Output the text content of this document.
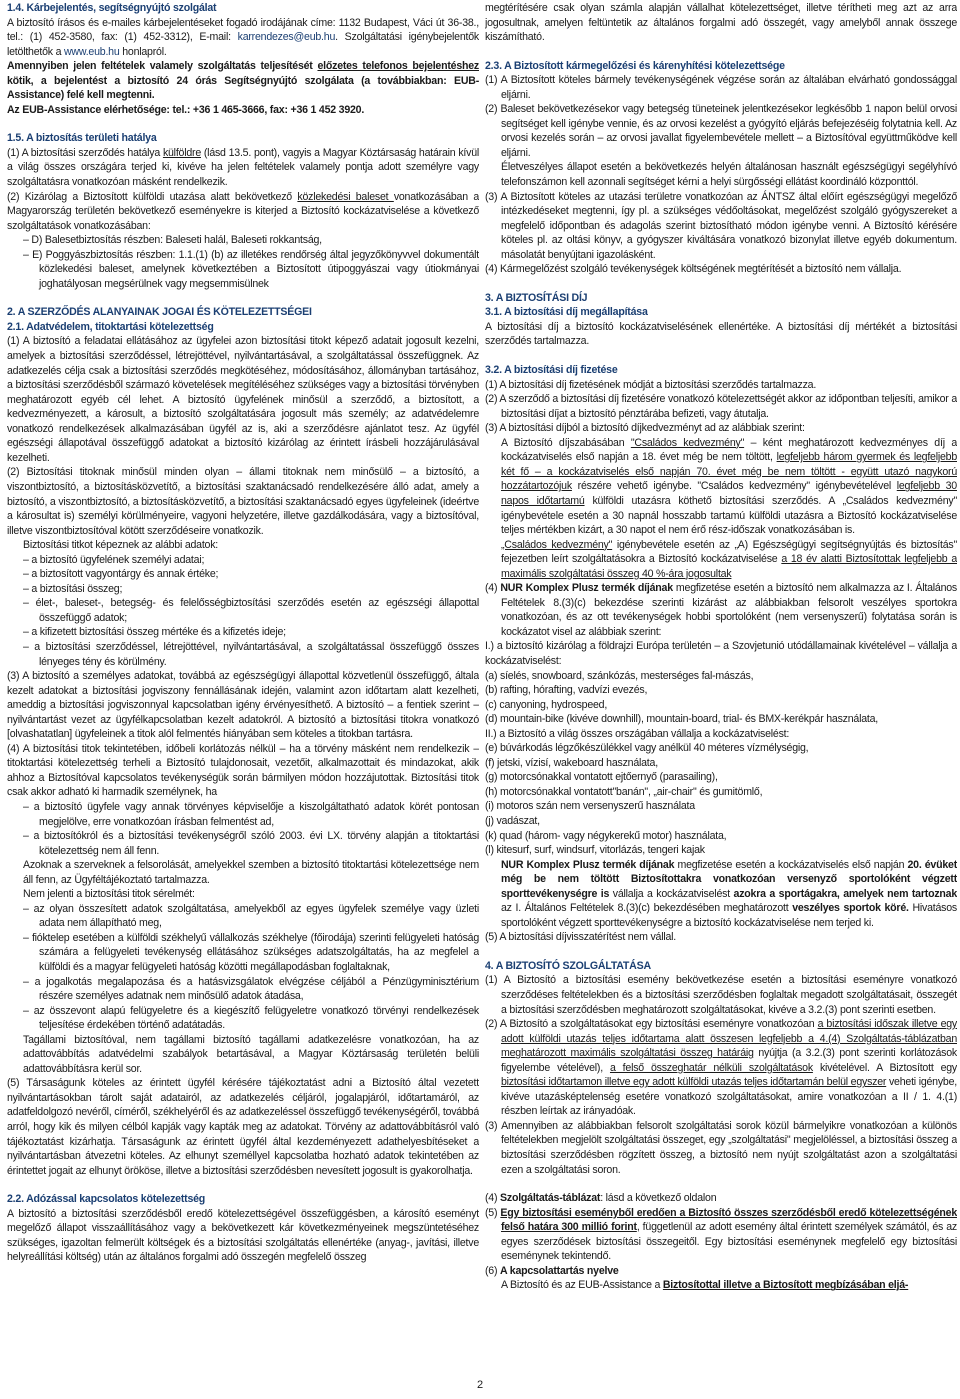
1.4. Kárbejelentés, segítségnyújtó szolgálat
A biztosító írásos és e-mailes kárbejelentéseket fogadó irodájának címe: 1132 Budapest, Váci út 36-38., tel.: (1) 452-3580, fax: (1) 452-3312), E-mail: karrendezes@eub.hu. Szolgáltatási igénybejelentők letölthetők a www.eub.hu honlapról.
Amennyiben jelen feltételek valamely szolgáltatás teljesítését előzetes telefonos bejelentéshez kötik, a bejelentést a biztosító 24 órás Segítségnyújtó szolgálata (a továbbiakban: EUB-Assistance) felé kell megtenni.
Az EUB-Assistance elérhetősége: tel.: +36 1 465-3666, fax: +36 1 452 3920.
1.5. A biztosítás területi hatálya
(1) A biztosítási szerződés hatálya külföldre (lásd 13.5. pont), vagyis a Magyar Köztársaság határain kívül a világ összes országára terjed ki, kivéve ha jelen feltételek valamely pontja adott személyre vagy szolgáltatásra vonatkozóan másként rendelkezik.
(2) Kizárólag a Biztosított külföldi utazása alatt bekövetkező közlekedési baleset vonatkozásában a Magyarország területén bekövetkező eseményekre is kiterjed a Biztosító kockázatviselése a következő szolgáltatások vonatkozásában:
– D) Balesetbiztosítás részben: Baleseti halál, Baleseti rokkantság,
– E) Poggyászbiztosítás részben: 1.1.(1) (b) az illetékes rendőrség által jegyzőkönyvvel dokumentált közlekedési baleset, amelynek következtében a Biztosított útipoggyászai vagy útiokmányai joghatályosan megsérülnek vagy megsemmisülnek
2. A SZERZŐDÉS ALANYAINAK JOGAI ÉS KÖTELEZETTSÉGEI
2.1. Adatvédelem, titoktartási kötelezettség
(1) A biztosító a feladatai ellátásához az ügyfelei azon biztosítási titokt képező adatait jogosult kezelni, amelyek a biztosítási szerződéssel, létrejöttével, nyilvántartásával, a szolgáltatással összefüggnek. Az adatkezelés célja csak a biztosítási szerződés megkötéséhez, módosításához, állományban tartásához, a biztosítási szerződésből származó követelések megítéléséhez szükséges vagy a biztosítási törvényben meghatározott egyéb cél lehet. A biztosító ügyfelének minősül a szerződő, a biztosított, a kedvezményezett, a károsult, a biztosító szolgáltatására jogosult más személy; az adatvédelemre vonatkozó rendelkezések alkalmazásában ügyfél az is, aki a szerződésre ajánlatot tesz. Az ügyfél egészségi állapotával összefüggő adatokat a biztosító kizárólag az érintett írásbeli hozzájárulásával kezelheti.
(2) Biztosítási titoknak minősül minden olyan – állami titoknak nem minősülő – a biztosító, a viszontbiztosító, a biztosításközvetítő, a biztosítási szaktanácsadó rendelkezésére álló adat, amely a biztosító, a viszontbiztosító, a biztosításközvetítő, a biztosítási szaktanácsadó egyes ügyfeleinek (ideértve a károsultat is) személyi körülményeire, vagyoni helyzetére, illetve gazdálkodására, vagy a biztosítóval, illetve viszontbiztosítóval kötött szerződéseire vonatkozik.
Biztosítási titkot képeznek az alábbi adatok:
– a biztosító ügyfelének személyi adatai;
– a biztosított vagyontárgy és annak értéke;
– a biztosítási összeg;
– élet-, baleset-, betegség- és felelősségbiztosítási szerződés esetén az egészségi állapottal összefüggő adatok;
– a kifizetett biztosítási összeg mértéke és a kifizetés ideje;
– a biztosítási szerződéssel, létrejöttével, nyilvántartásával, a szolgáltatással összefüggő összes lényeges tény és körülmény.
(3) A biztosító a személyes adatokat, továbbá az egészségügyi állapottal közvetlenül összefüggő, általa kezelt adatokat a biztosítási jogviszony fennállásának idején, valamint azon időtartam alatt kezelheti, ameddig a biztosítási jogviszonnyal kapcsolatban igény érvényesíthető. A biztosító – a fentiek szerint – nyilvántartást vezet az ügyfélkapcsolatban kezelt adatokról. A biztosító a biztosítási titokra vonatkozó [olvashatatlan] ügyfeleinek a titok alól felmentés hiányában sem köteles a titokban tartásra.
(4) A biztosítási titok tekintetében, időbeli korlátozás nélkül – ha a törvény másként nem rendelkezik – titoktartási kötelezettség terheli a Biztosító tulajdonosait, vezetőit, alkalmazottait és mindazokat, akik ahhoz a Biztosítóval kapcsolatos tevékenységük során bármilyen módon hozzájutottak. Biztosítási titok csak akkor adható ki harmadik személynek, ha
– a biztosító ügyfele vagy annak törvényes képviselője a kiszolgáltatható adatok körét pontosan megjelölve, erre vonatkozóan írásban felmentést ad,
– a biztosítókról és a biztosítási tevékenységről szóló 2003. évi LX. törvény alapján a titoktartási kötelezettség nem áll fenn.
Azoknak a szerveknek a felsorolását, amelyekkel szemben a biztosító titoktartási kötelezettsége nem áll fenn, az Ügyféltájékoztató tartalmazza.
Nem jelenti a biztosítási titok sérelmét:
– az olyan összesített adatok szolgáltatása, amelyekből az egyes ügyfelek személye vagy üzleti adata nem állapítható meg,
– fióktelep esetében a külföldi székhelyű vállalkozás székhelye (főirodája) szerinti felügyeleti hatóság számára a felügyeleti tevékenység ellátásához szükséges adatszolgáltatás, ha az megfelel a külföldi és a magyar felügyeleti hatóság közötti megállapodásban foglaltaknak,
– a jogalkotás megalapozása és a hatásvizsgálatok elvégzése céljából a Pénzügyminisztérium részére személyes adatnak nem minősülő adatok átadása,
– az összevont alapú felügyeletre és a kiegészítő felügyeletre vonatkozó törvényi rendelkezések teljesítése érdekében történő adatátadás.
Tagállami biztosítóval, nem tagállami biztosító tagállami adatkezelésre vonatkozóan, ha az adattovábbítás adatvédelmi szabályok betartásával, a Magyar Köztársaság területén belüli adattovábbításra kerül sor.
(5) Társaságunk köteles az érintett ügyfél kérésére tájékoztatást adni a Biztosító által vezetett nyilvántartásokban tárolt saját adatairól, az adatkezelés céljáról, jogalapjáról, időtartamáról, az adatfeldolgozó nevéről, címéről, székhelyéről és az adatkezeléssel összefüggő tevékenységéről, továbbá arról, hogy kik és milyen célból kapják vagy kapták meg az adatokat. Törvény az adattovábbításról való tájékoztatást kizárhatja. Társaságunk az érintett ügyfél által kezdeményezett adathelyesbítéseket a nyilvántartásban átvezetni köteles. Az elhunyt személlyel kapcsolatba hozható adatok tekintetében az érintettet jogait az elhunyt örököse, illetve a biztosítási szerződésben nevesített jogosult is gyakorolhatja.
2.2. Adózással kapcsolatos kötelezettség
A biztosító a biztosítási szerződésből eredő kötelezettségével összefüggésben, a károsító eseményt megelőző állapot visszaállításához vagy a bekövetkezett kár következményeinek megszüntetéséhez szükséges, igazoltan felmerült költségek és a biztosítási szolgáltatás ellenértéke (anyag-, javítási, illetve helyreállítási költség) után az általános forgalmi adó összegén megfelelő összeg
megtérítésére csak olyan számla alapján vállalhat kötelezettséget, illetve térítheti meg azt az arra jogosultnak, amelyen feltüntetik az általános forgalmi adó összegét, vagy amelyből annak összege kiszámítható.
2.3. A Biztosított kármegelőzési és kárenyhítési kötelezettsége
(1) A Biztosított köteles bármely tevékenységének végzése során az általában elvárható gondossággal eljárni.
(2) Baleset bekövetkezésekor vagy betegség tüneteinek jelentkezésekor legkésőbb 1 napon belül orvosi segítséget kell igénybe vennie, és az orvosi kezelést a gyógyító eljárás befejezéséig folytatnia kell. Az orvosi kezelés során – az orvosi javallat figyelembevétele mellett – a Biztosítóval együttműködve kell eljárni.
Életveszélyes állapot esetén a bekövetkezés helyén általánosan használt egészségügyi segélyhívó telefonszámon kell azonnali segítséget kérni a helyi sürgősségi ellátást koordináló központtól.
(3) A Biztosított köteles az utazási területre vonatkozóan az ÁNTSZ által előírt egészségügyi megelőző intézkedéseket megtenni, így pl. a szükséges védőoltásokat, megelőzést szolgáló gyógyszereket a megfelelő időpontban és adagolás szerint biztosítható módon igénybe venni. A Biztosító kérésére köteles pl. az oltási könyv, a gyógyszer kiváltására vonatkozó bizonylat illetve egyéb dokumentum. másolatát benyújtani igazolásként.
(4) Kármegelőzést szolgáló tevékenységek költségének megtérítését a biztosító nem vállalja.
3. A BIZTOSÍTÁSI DÍJ
3.1. A biztosítási díj megállapítása
A biztosítási díj a biztosító kockázatviselésének ellenértéke. A biztosítási díj mértékét a biztosítási szerződés tartalmazza.
3.2. A biztosítási díj fizetése
(1) A biztosítási díj fizetésének módját a biztosítási szerződés tartalmazza.
(2) A szerződő a biztosítási díj fizetésére vonatkozó kötelezettségét akkor az időpontban teljesíti, amikor a biztosítási díjat a biztosító pénztárába befizeti, vagy átutalja.
(3) A biztosítási díjból a biztosító díjkedvezményt ad az alábbiak szerint:
A Biztosító díjszabásában "Családos kedvezmény" – ként meghatározott kedvezményes díj a kockázatviselés első napján a 18. évet még be nem töltött, legfeljebb három gyermek és legfeljebb két fő – a kockázatviselés első napján 70. évet még be nem töltött - együtt utazó nagykorú hozzátartozójuk részére vehető igénybe. "Családos kedvezmény" igénybevételével legfeljebb 30 napos időtartamú külföldi utazásra köthető biztosítási szerződés. A „Családos kedvezmény" igénybevétele esetén a 30 napnál hosszabb tartamú külföldi utazásra a Biztosító kockázatviselése teljes mértékben kizárt, a 30 napot el nem érő rész-időszak vonatkozásában is.
„Családos kedvezmény" igénybevétele esetén az „A) Egészségügyi segítségnyújtás és biztosítás" fejezetben leírt szolgáltatásokra a Biztosító kockázatviselése a 18 év alatti Biztosítottak legfeljebb a maximális szolgáltatási összeg 40 %-ára jogosultak
(4) NUR Komplex Plusz termék díjának megfizetése esetén a biztosító nem alkalmazza az I. Általános Feltételek 8.(3)(c) bekezdése szerinti kizárást az alábbiakban felsorolt veszélyes sportokra vonatkozóan, és az ott tevékenységek hobbi sportolóként (nem versenyszerű) folytatása során is kockázatot visel az alábbiak szerint:
I.) a biztosító kizárólag a földrajzi Európa területén – a Szovjetunió utódállamainak kivételével – vállalja a kockázatviselést:
(a) síelés, snowboard, szánkózás, mesterséges fal-mászás,
(b) rafting, hórafting, vadvízi evezés,
(c) canyoning, hydrospeed,
(d) mountain-bike (kivéve downhill), mountain-board, trial- és BMX-kerékpár használata,
II.) a Biztosító a világ összes országában vállalja a kockázatviselést:
(e) búvárkodás légzőkészülékkel vagy anélkül 40 méteres vízmélységig,
(f) jetski, vízisí, wakeboard használata,
(g) motorcsónakkal vontatott ejtőernyő (parasailing),
(h) motorcsónakkal vontatott"banán", „air-chair" és gumitömlő,
(i) motoros szán nem versenyszerű használata
(j) vadászat,
(k) quad (három- vagy négykerekű motor) használata,
(l) kitesurf, surf, windsurf, vitorlázás, tengeri kajak
NUR Komplex Plusz termék díjának megfizetése esetén a kockázatviselés első napján 20. évüket még be nem töltött Biztosítottakra vonatkozóan versenyző sportolóként végzett sporttevékenységre is vállalja a kockázatviselést azokra a sportágakra, amelyek nem tartoznak az I. Általános Feltételek 8.(3)(c) bekezdésében meghatározott veszélyes sportok köré. Hivatásos sportolóként végzett sporttevékenységre a biztosító kockázatviselése nem terjed ki.
(5) A biztosítási díjvisszatérítést nem vállal.
4. A BIZTOSÍTÓ SZOLGÁLTATÁSA
(1) A Biztosító a biztosítási esemény bekövetkezése esetén a biztosítási eseményre vonatkozó szerződéses feltételekben és a biztosítási szerződésben foglaltak megadott szolgáltatásait, összegét a biztosítási szerződésben meghatározott szolgáltatásokat, kivéve a 3.2.(3) pont szerinti esetben.
(2) A Biztosító a szolgáltatásokat egy biztosítási eseményre vonatkozóan a biztosítási időszak illetve egy adott külföldi utazás teljes időtartama alatt összesen legfeljebb a 4.(4) Szolgáltatás-táblázatban meghatározott maximális szolgáltatási összeg határáig nyújtja (a 3.2.(3) pont szerinti korlátozások figyelembe vételével), a felső összeghatár nélküli szolgáltatások kivételével. A Biztosított egy biztosítási időtartamon illetve egy adott külföldi utazás teljes időtartamán belül egyszer veheti igénybe, kivéve utazásképtelenség esetére vonatkozó szolgáltatásokat, amire vonatkozóan a II / 1. 4.(1) részben leírtak az irányadóak.
(3) Amennyiben az alábbiakban felsorolt szolgáltatási sorok közül bármelyikre vonatkozóan a különös feltételekben megjelölt szolgáltatási összeget, egy „szolgáltatási" megjelöléssel, a biztosítási összeg a biztosítási szerződésben rögzített összeg, a biztosító nem nyújt szolgáltatást azon a szolgáltatási ezen a szolgáltatási soron.
(4) Szolgáltatás-táblázat: lásd a következő oldalon
(5) Egy biztosítási eseményből eredően a Biztosító összes szerződésből eredő kötelezettségének felső határa 300 millió forint, függetlenül az adott esemény által érintett személyek számától, és az egyes szerződések biztosítási összegeitől. Egy biztosítási eseménynek megfelelő egy biztosítási eseménynek tekintendő.
(6) A kapcsolattartás nyelve
A Biztosító és az EUB-Assistance a Biztosítottal illetve a Biztosított megbízásában eljá-
2
